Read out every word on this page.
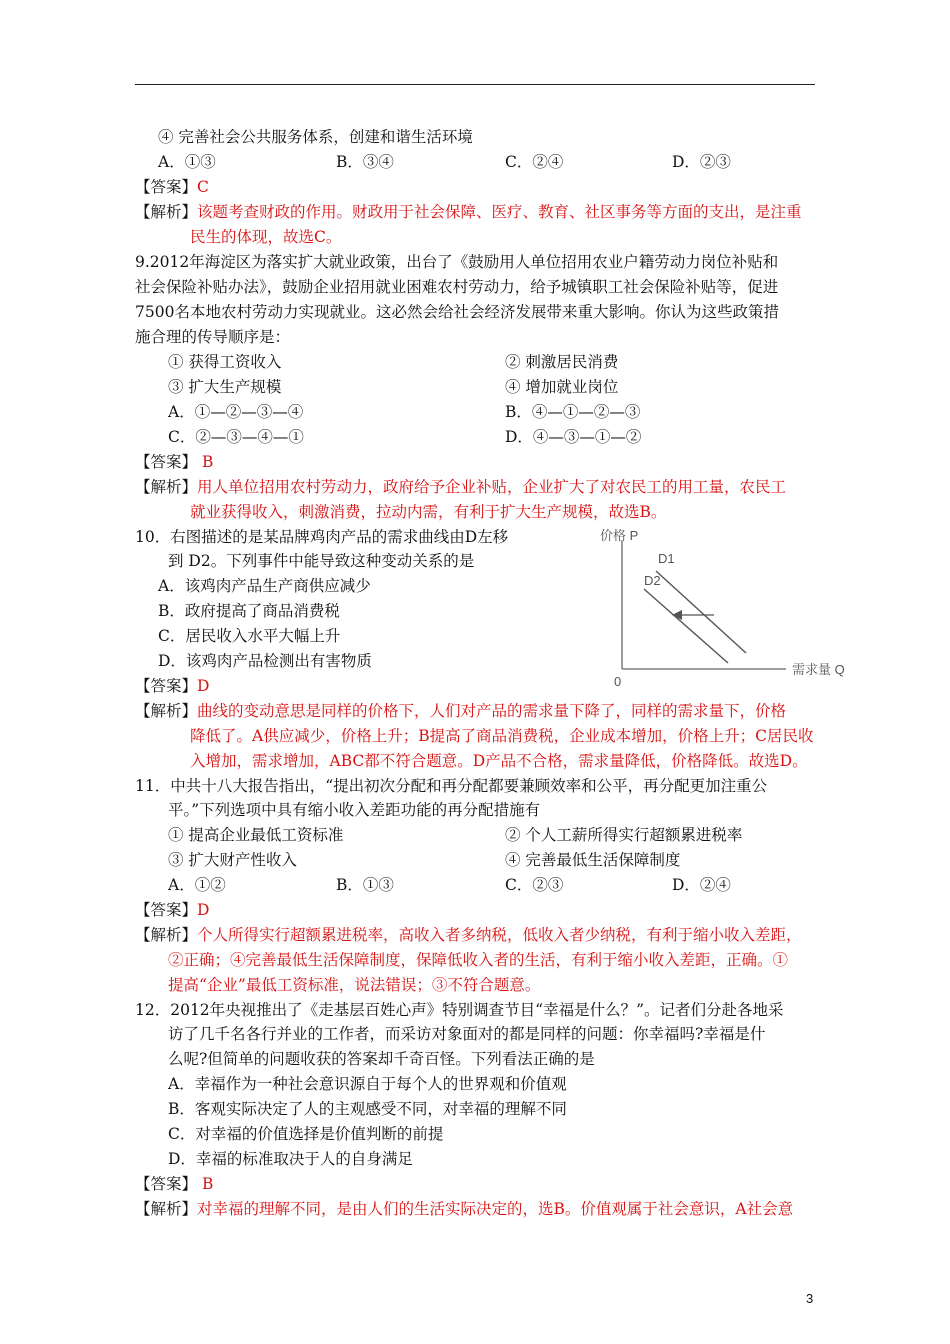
④ 完善社会公共服务体系，创建和谐生活环境
A．①③	B．③④	C．②④	D．②③
【答案】C
【解析】该题考查财政的作用。财政用于社会保障、医疗、教育、社区事务等方面的支出，是注重
民生的体现，故选C。
9.2012年海淀区为落实扩大就业政策，出台了《鼓励用人单位招用农业户籍劳动力岗位补贴和
社会保险补贴办法》，鼓励企业招用就业困难农村劳动力，给予城镇职工社会保险补贴等，促进
7500名本地农村劳动力实现就业。这必然会给社会经济发展带来重大影响。你认为这些政策措
施合理的传导顺序是：
① 获得工资收入	② 刺激居民消费
③ 扩大生产规模	④ 增加就业岗位
A．①—②—③—④	B．④—①—②—③
C．②—③—④—①	D．④—③—①—②
【答案】 B
【解析】用人单位招用农村劳动力，政府给予企业补贴，企业扩大了对农民工的用工量，农民工
就业获得收入，刺激消费，拉动内需，有利于扩大生产规模，故选B。
10．右图描述的是某品牌鸡肉产品的需求曲线由D左移
到 D2。下列事件中能导致这种变动关系的是
A．该鸡肉产品生产商供应减少
B．政府提高了商品消费税
C．居民收入水平大幅上升
D．该鸡肉产品检测出有害物质
【答案】D
【解析】曲线的变动意思是同样的价格下，人们对产品的需求量下降了，同样的需求量下，价格
降低了。A供应减少，价格上升；B提高了商品消费税，企业成本增加，价格上升；C居民收
入增加，需求增加，ABC都不符合题意。D产品不合格，需求量降低，价格降低。故选D。
价格 P
需求量 Q
0
D1
D2
11．中共十八大报告指出，“提出初次分配和再分配都要兼顾效率和公平，再分配更加注重公
平。”下列选项中具有缩小收入差距功能的再分配措施有
① 提高企业最低工资标准	② 个人工薪所得实行超额累进税率
③ 扩大财产性收入	④ 完善最低生活保障制度
A．①②	B．①③	C．②③	D．②④
【答案】D
【解析】个人所得实行超额累进税率，高收入者多纳税，低收入者少纳税，有利于缩小收入差距，
②正确；④完善最低生活保障制度，保障低收入者的生活，有利于缩小收入差距，正确。①
提高“企业”最低工资标准，说法错误；③不符合题意。
12．2012年央视推出了《走基层百姓心声》特别调查节目“幸福是什么？”。记者们分赴各地采
访了几千名各行并业的工作者，而采访对象面对的都是同样的问题：你幸福吗?幸福是什
么呢?但简单的问题收获的答案却千奇百怪。下列看法正确的是
A．幸福作为一种社会意识源自于每个人的世界观和价值观
B．客观实际决定了人的主观感受不同，对幸福的理解不同
C．对幸福的价值选择是价值判断的前提
D．幸福的标准取决于人的自身满足
【答案】 B
【解析】对幸福的理解不同，是由人们的生活实际决定的，选B。价值观属于社会意识，A社会意
3
